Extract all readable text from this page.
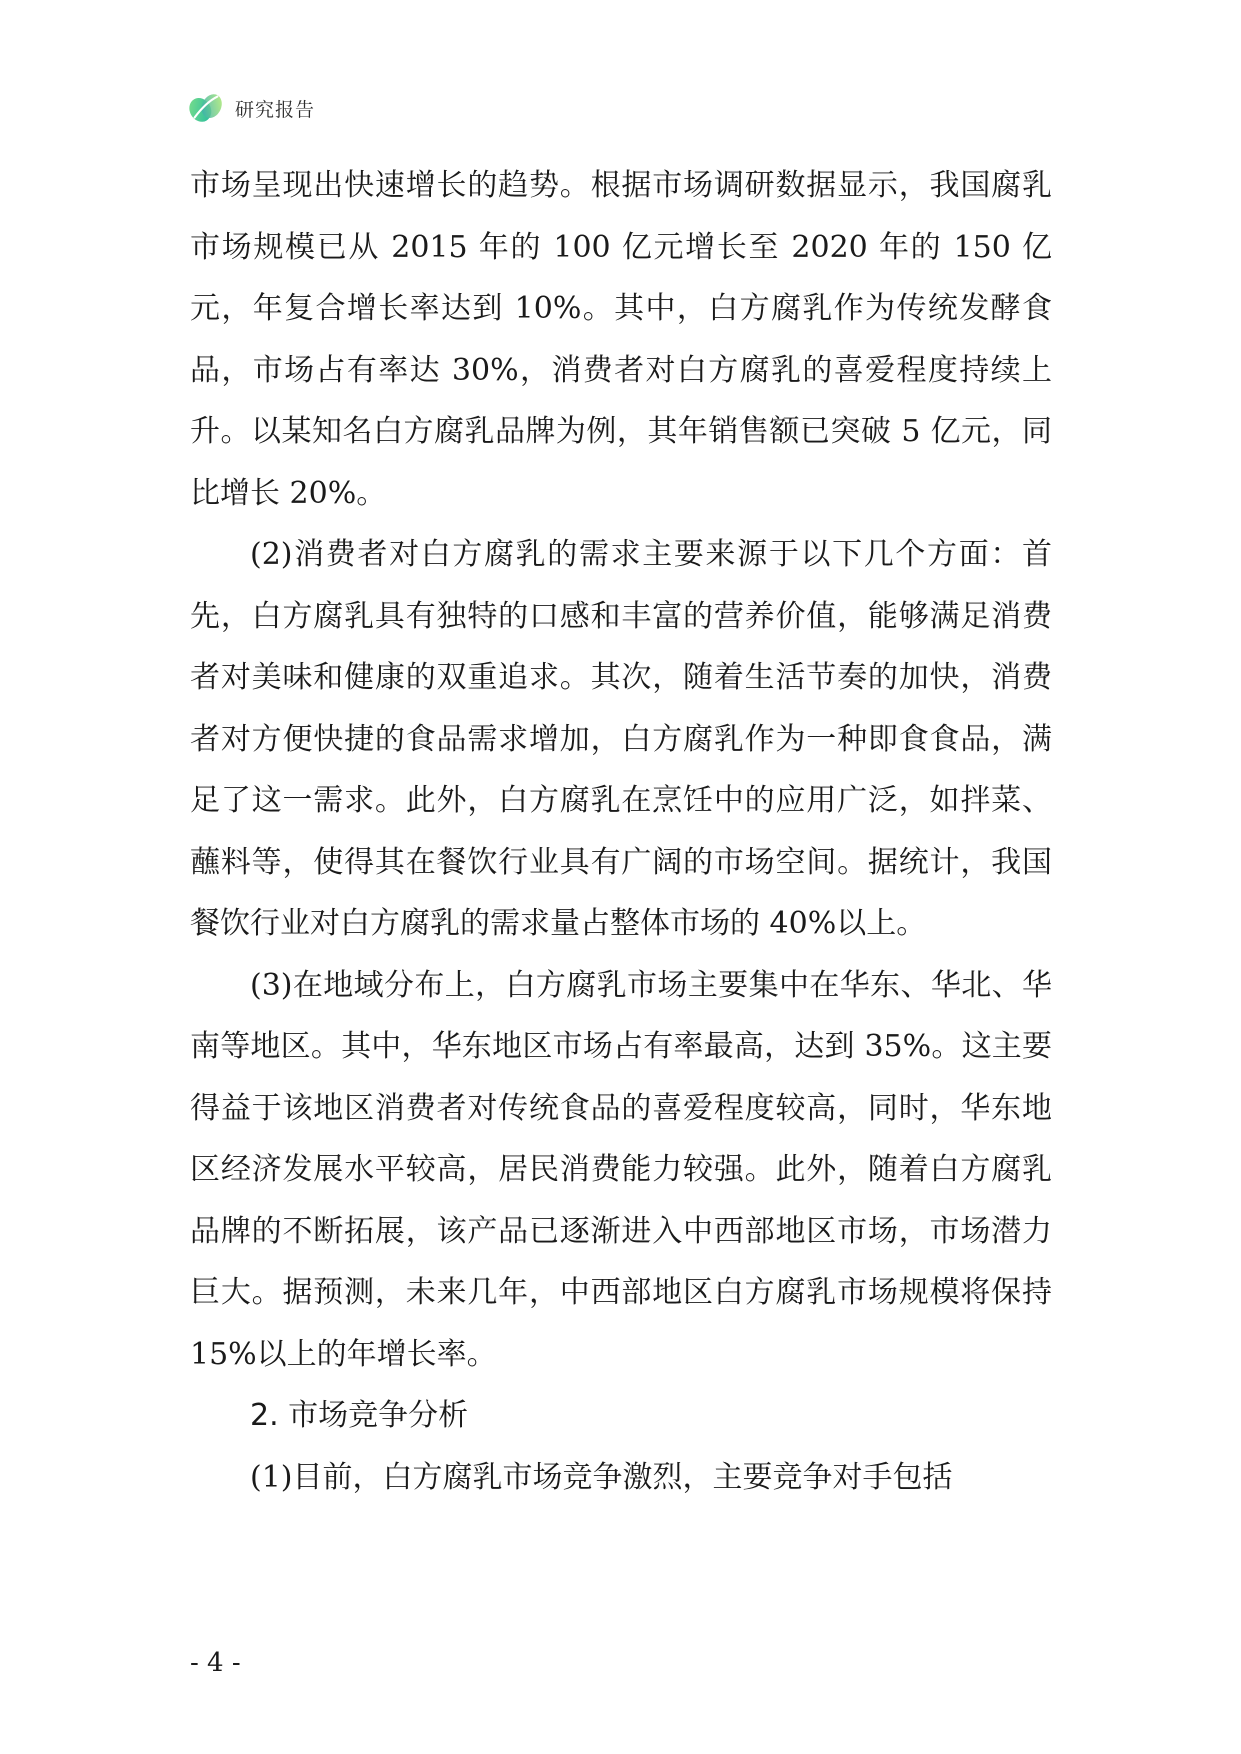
研究报告

市场呈现出快速增长的趋势。根据市场调研数据显示，我国腐乳市场规模已从 2015 年的 100 亿元增长至 2020 年的 150 亿元，年复合增长率达到 10%。其中，白方腐乳作为传统发酵食品，市场占有率达 30%，消费者对白方腐乳的喜爱程度持续上升。以某知名白方腐乳品牌为例，其年销售额已突破 5 亿元，同比增长 20%。

(2)消费者对白方腐乳的需求主要来源于以下几个方面：首先，白方腐乳具有独特的口感和丰富的营养价值，能够满足消费者对美味和健康的双重追求。其次，随着生活节奏的加快，消费者对方便快捷的食品需求增加，白方腐乳作为一种即食食品，满足了这一需求。此外，白方腐乳在烹饪中的应用广泛，如拌菜、蘸料等，使得其在餐饮行业具有广阔的市场空间。据统计，我国餐饮行业对白方腐乳的需求量占整体市场的 40%以上。

(3)在地域分布上，白方腐乳市场主要集中在华东、华北、华南等地区。其中，华东地区市场占有率最高，达到 35%。这主要得益于该地区消费者对传统食品的喜爱程度较高，同时，华东地区经济发展水平较高，居民消费能力较强。此外，随着白方腐乳品牌的不断拓展，该产品已逐渐进入中西部地区市场，市场潜力巨大。据预测，未来几年，中西部地区白方腐乳市场规模将保持 15%以上的年增长率。

2. 市场竞争分析

(1)目前，白方腐乳市场竞争激烈，主要竞争对手包括

- 4 -
